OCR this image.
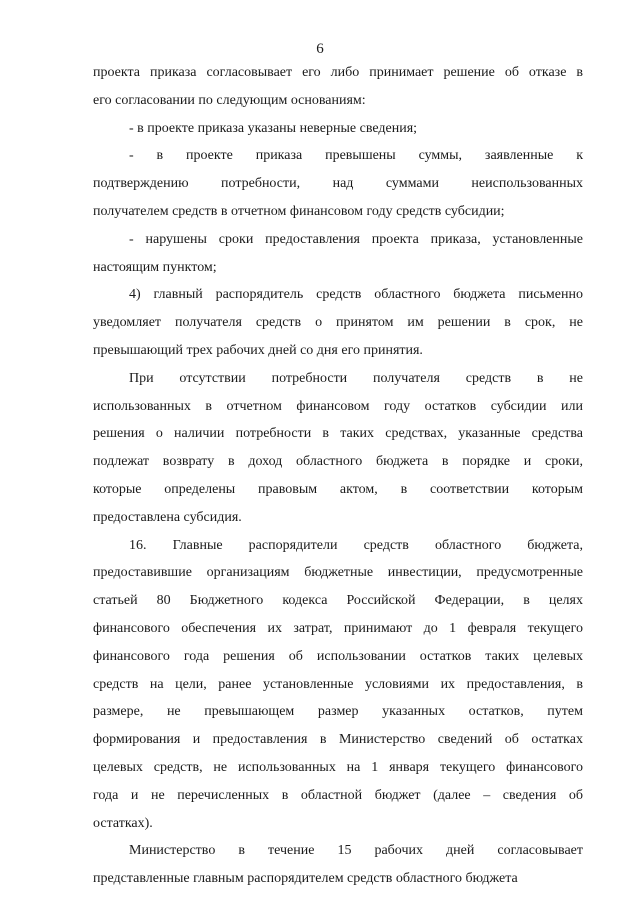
6
проекта приказа согласовывает его либо принимает решение об отказе в
его согласовании по следующим основаниям:
- в проекте приказа указаны неверные сведения;
- в проекте приказа превышены суммы, заявленные к
подтверждению потребности, над суммами неиспользованных
получателем средств в отчетном финансовом году средств субсидии;
- нарушены сроки предоставления проекта приказа, установленные
настоящим пунктом;
4) главный распорядитель средств областного бюджета письменно
уведомляет получателя средств о принятом им решении в срок, не
превышающий трех рабочих дней со дня его принятия.
При отсутствии потребности получателя средств в не
использованных в отчетном финансовом году остатков субсидии или
решения о наличии потребности в таких средствах, указанные средства
подлежат возврату в доход областного бюджета в порядке и сроки,
которые определены правовым актом, в соответствии которым
предоставлена субсидия.
16. Главные распорядители средств областного бюджета,
предоставившие организациям бюджетные инвестиции, предусмотренные
статьей 80 Бюджетного кодекса Российской Федерации, в целях
финансового обеспечения их затрат, принимают до 1 февраля текущего
финансового года решения об использовании остатков таких целевых
средств на цели, ранее установленные условиями их предоставления, в
размере, не превышающем размер указанных остатков, путем
формирования и предоставления в Министерство сведений об остатках
целевых средств, не использованных на 1 января текущего финансового
года и не перечисленных в областной бюджет (далее – сведения об
остатках).
Министерство в течение 15 рабочих дней согласовывает
представленные главным распорядителем средств областного бюджета
